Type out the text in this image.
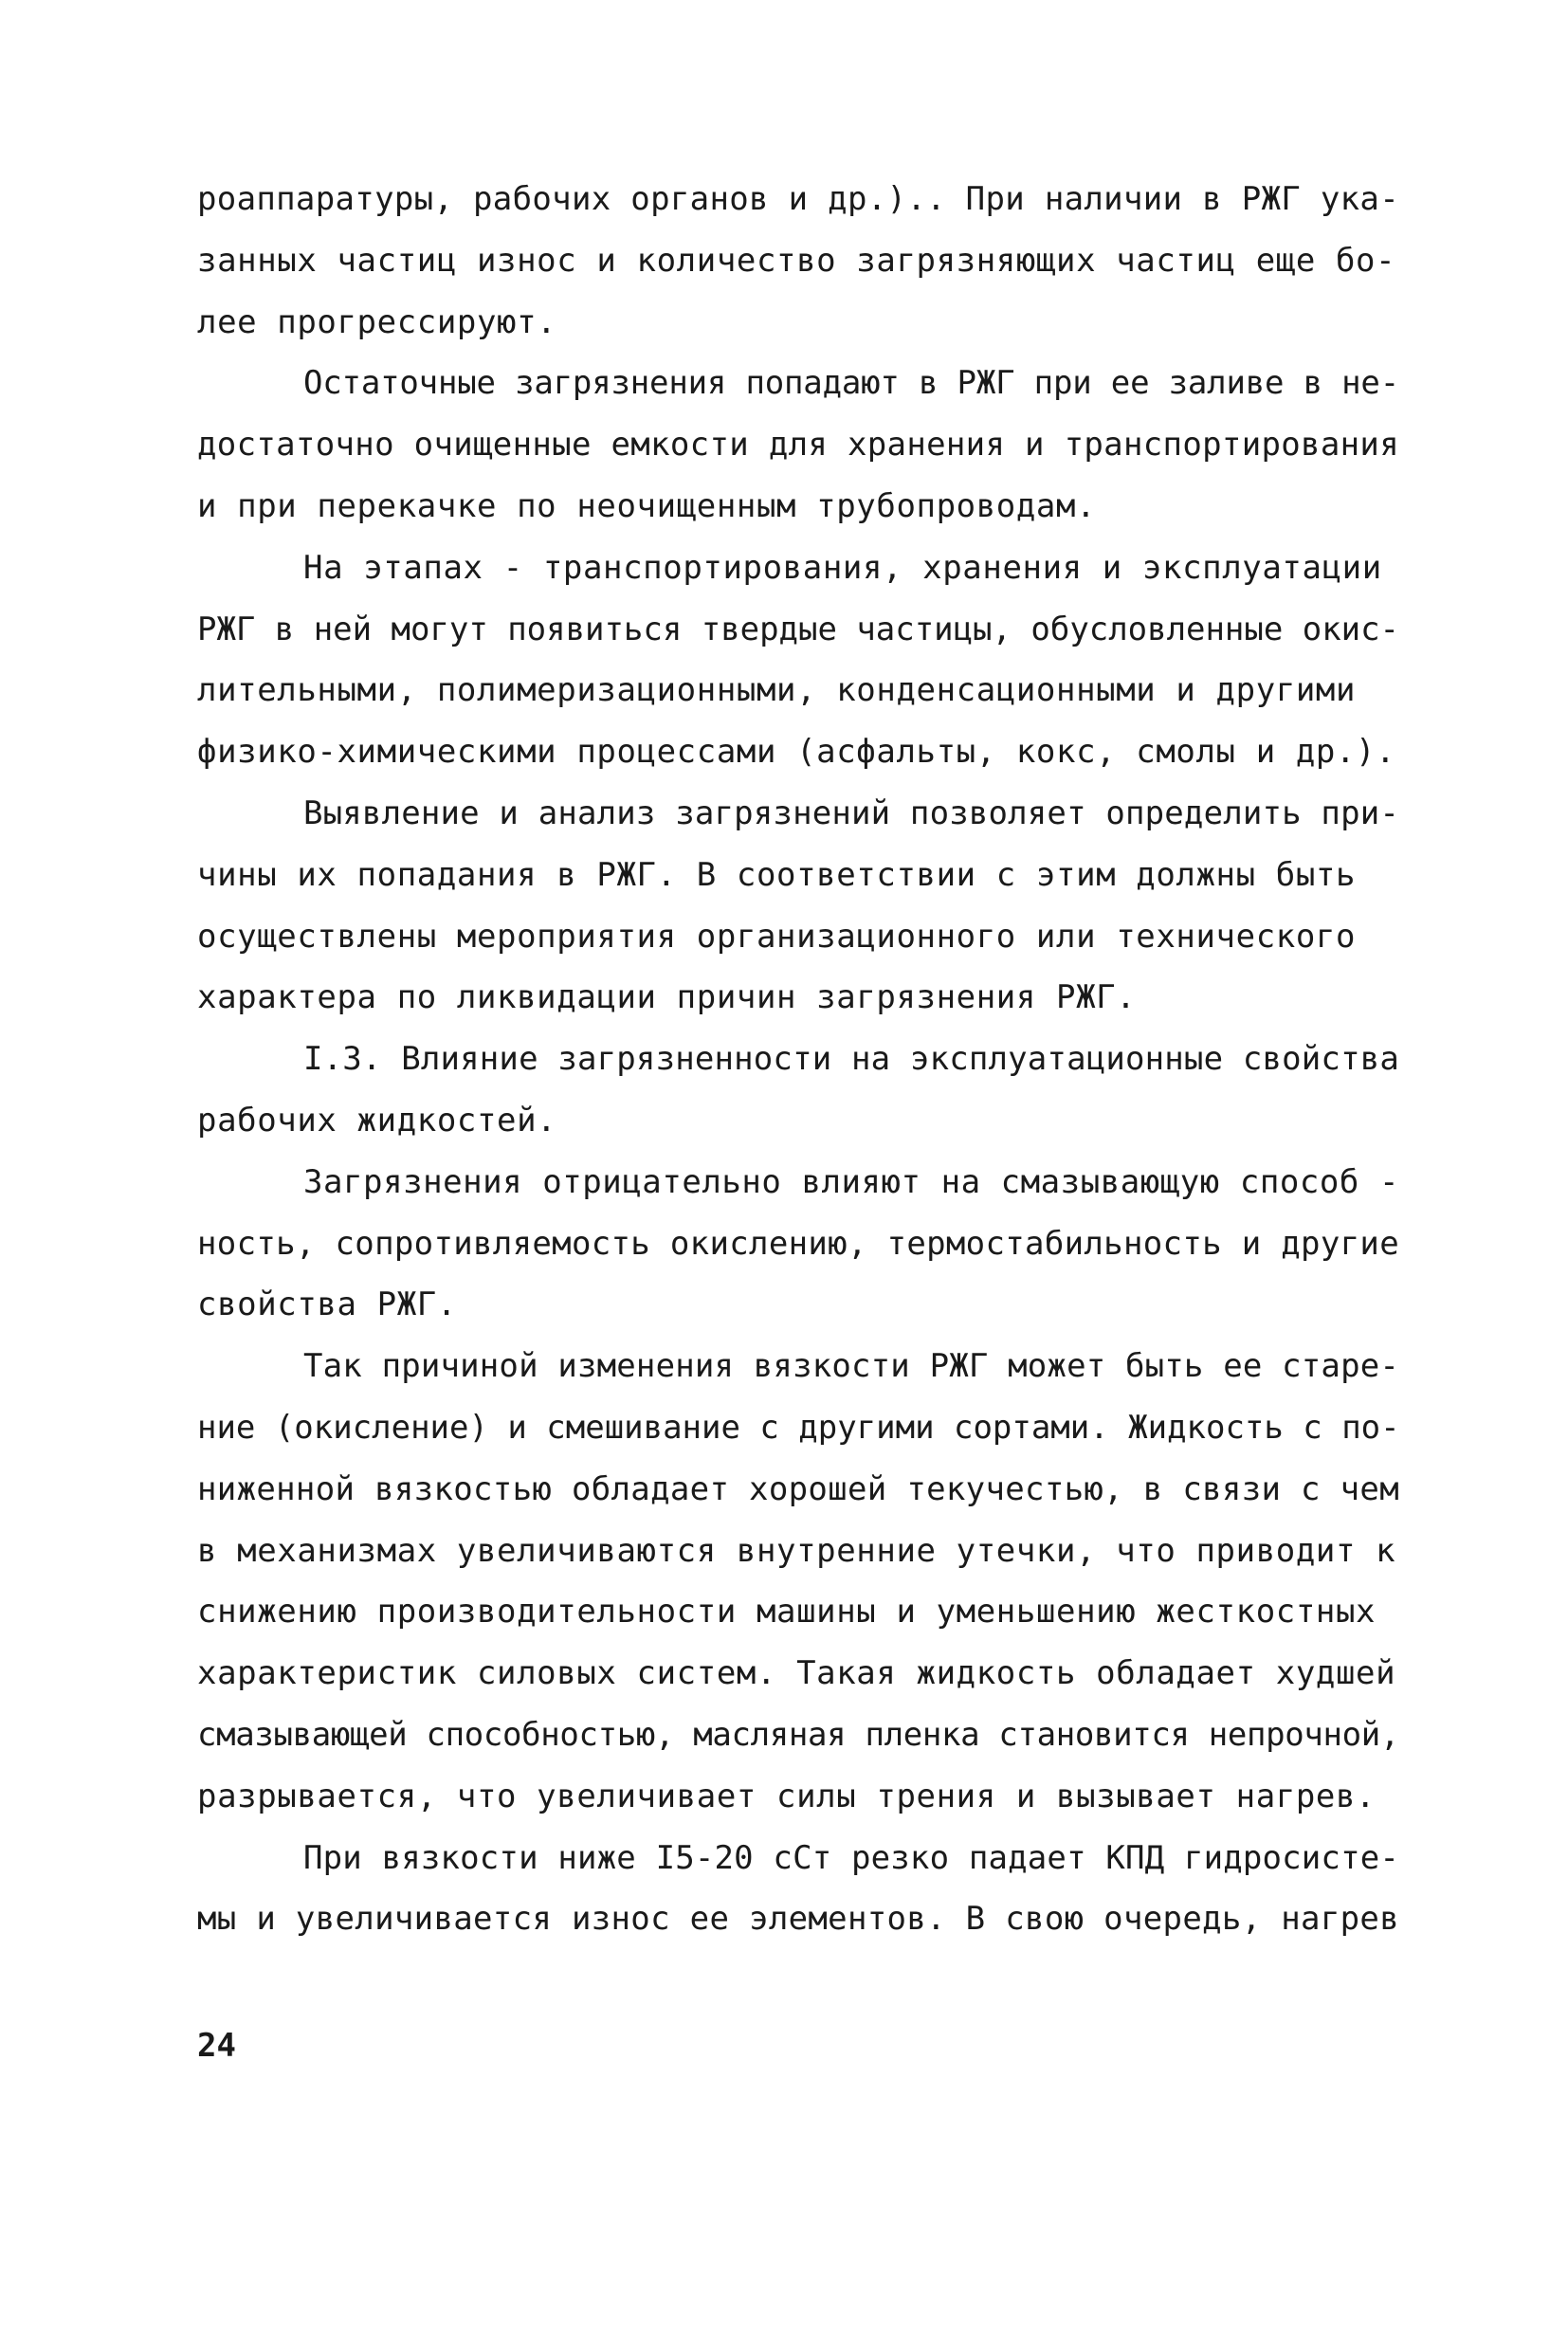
роаппаратуры, рабочих органов и др.).. При наличии в РЖГ ука-
занных частиц износ и количество загрязняющих частиц еще бо-
лее прогрессируют.
Остаточные загрязнения попадают в РЖГ при ее заливе в не-
достаточно очищенные емкости для хранения и транспортирования
и при перекачке по неочищенным трубопроводам.
На этапах - транспортирования, хранения и эксплуатации
РЖГ в ней могут появиться твердые частицы, обусловленные окис-
лительными, полимеризационными, конденсационными и другими
физико-химическими процессами (асфальты, кокс, смолы и др.).
Выявление и анализ загрязнений позволяет определить при-
чины их попадания в РЖГ. В соответствии с этим должны быть
осуществлены мероприятия организационного или технического
характера по ликвидации причин загрязнения РЖГ.
I.3. Влияние загрязненности на эксплуатационные свойства
рабочих жидкостей.
Загрязнения отрицательно влияют на смазывающую способ -
ность, сопротивляемость окислению, термостабильность и другие
свойства РЖГ.
Так причиной изменения вязкости РЖГ может быть ее старе-
ние (окисление) и смешивание с другими сортами. Жидкость с по-
ниженной вязкостью обладает хорошей текучестью, в связи с чем
в механизмах увеличиваются внутренние утечки, что приводит к
снижению производительности машины и уменьшению жесткостных
характеристик силовых систем. Такая жидкость обладает худшей
смазывающей способностью, масляная пленка становится непрочной,
разрывается, что увеличивает силы трения и вызывает нагрев.
При вязкости ниже I5-20 сСт резко падает КПД гидросисте-
мы и увеличивается износ ее элементов. В свою очередь, нагрев
24
